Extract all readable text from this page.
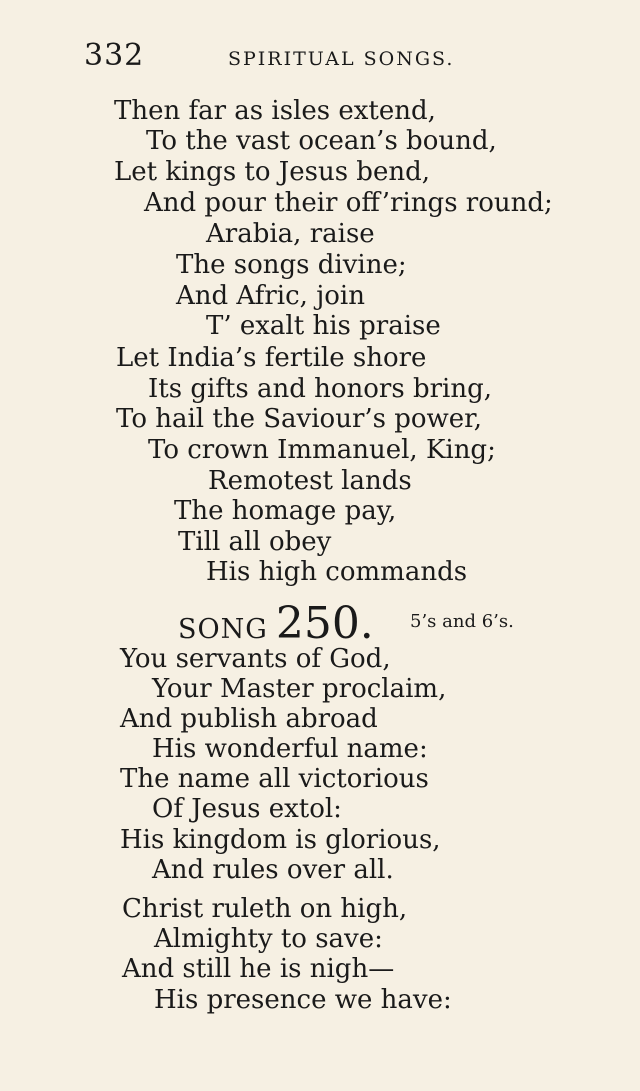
332	SPIRITUAL SONGS.
Then far as isles extend,
To the vast ocean’s bound,
Let kings to Jesus bend,
And pour their off’rings round;
Arabia, raise
The songs divine;
And Afric, join
T’ exalt his praise
Let India’s fertile shore
Its gifts and honors bring,
To hail the Saviour’s power,
To crown Immanuel, King;
Remotest lands
The homage pay,
Till all obey
His high commands
SONG 250. 5’s and 6’s.
You servants of God,
Your Master proclaim,
And publish abroad
His wonderful name:
The name all victorious
Of Jesus extol:
His kingdom is glorious,
And rules over all.
Christ ruleth on high,
Almighty to save:
And still he is nigh—
His presence we have:
